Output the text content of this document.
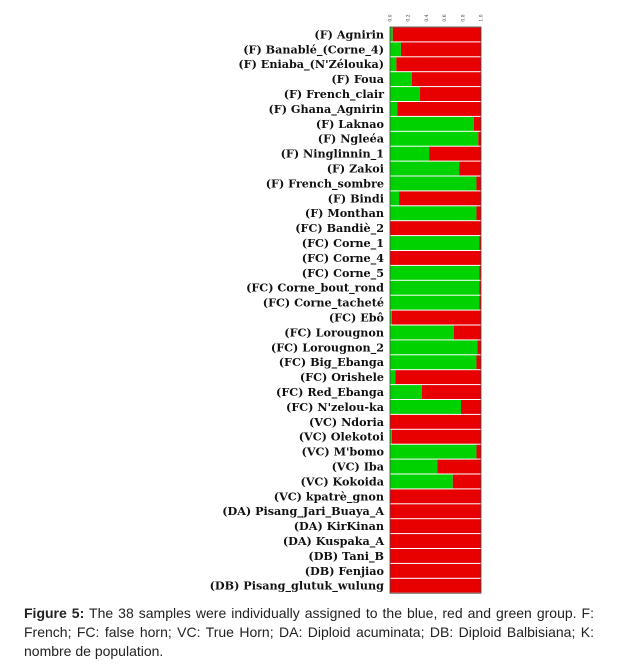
0.0	0.2	0.4	0.6	0.8	1.0
(F) Agnirin
(F) Banablé_(Corne_4)
(F) Eniaba_(N'Zélouka)
(F) Foua
(F) French_clair
(F) Ghana_Agnirin
(F) Laknao
(F) Ngleéa
(F) Ninglinnin_1
(F) Zakoi
(F) French_sombre
(F) Bindi
(F) Monthan
(FC) Bandiè_2
(FC) Corne_1
(FC) Corne_4
(FC) Corne_5
(FC) Corne_bout_rond
(FC) Corne_tacheté
(FC) Ebô
(FC) Lorougnon
(FC) Lorougnon_2
(FC) Big_Ebanga
(FC) Orishele
(FC) Red_Ebanga
(FC) N'zelou-ka
(VC) Ndoria
(VC) Olekotoi
(VC) M'bomo
(VC) Iba
(VC) Kokoida
(VC) kpatrè_gnon
(DA) Pisang_Jari_Buaya_A
(DA) KirKinan
(DA) Kuspaka_A
(DB) Tani_B
(DB) Fenjiao
(DB) Pisang_glutuk_wulung
Figure 5: The 38 samples were individually assigned to the blue, red and green group. F: French; FC: false horn; VC: True Horn; DA: Diploid acuminata; DB: Diploid Balbisiana; K: nombre de population.
